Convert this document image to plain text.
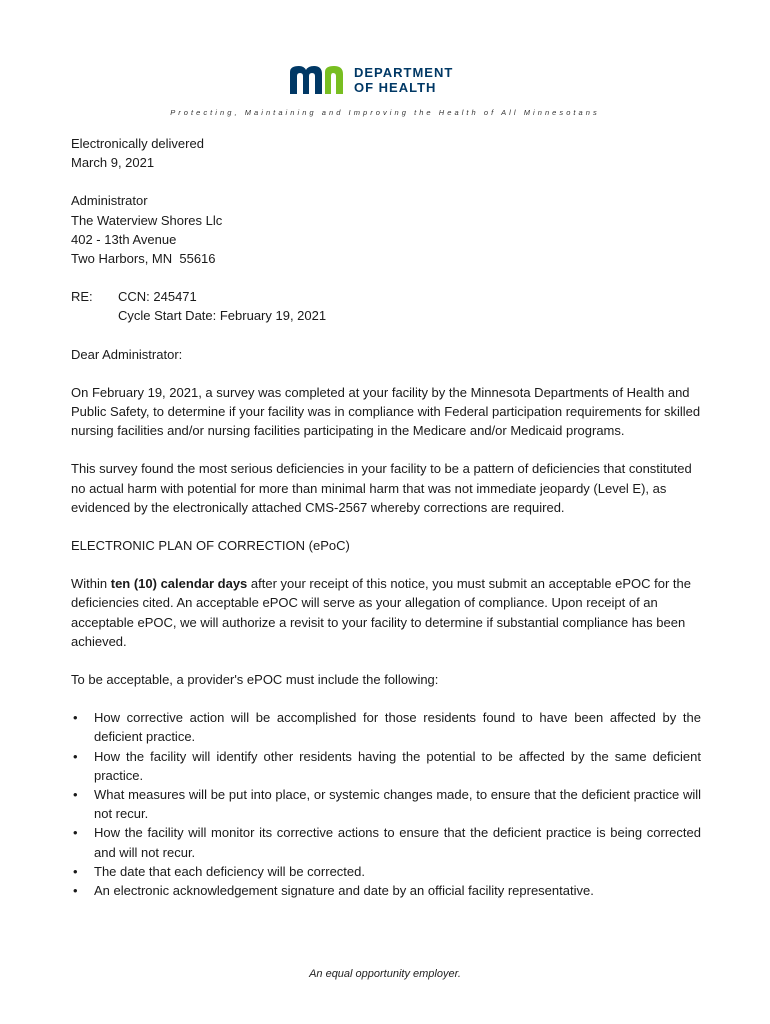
DEPARTMENT
OF HEALTH
Protecting, Maintaining and Improving the Health of All Minnesotans

Electronically delivered

March 9, 2021

Administrator

The Waterview Shores Llc

402 - 13th Avenue

Two Harbors, MN  55616

RE:	CCN: 245471

Cycle Start Date: February 19, 2021

Dear Administrator:

On February 19, 2021, a survey was completed at your facility by the Minnesota Departments of Health and Public Safety, to determine if your facility was in compliance with Federal participation requirements for skilled nursing facilities and/or nursing facilities participating in the Medicare and/or Medicaid programs.

This survey found the most serious deficiencies in your facility to be a pattern of deficiencies that constituted no actual harm with potential for more than minimal harm that was not immediate jeopardy (Level E), as evidenced by the electronically attached CMS-2567 whereby corrections are required.

ELECTRONIC PLAN OF CORRECTION (ePoC)

Within ten (10) calendar days after your receipt of this notice, you must submit an acceptable ePOC for the deficiencies cited. An acceptable ePOC will serve as your allegation of compliance. Upon receipt of an acceptable ePOC, we will authorize a revisit to your facility to determine if substantial compliance has been achieved.

To be acceptable, a provider's ePOC must include the following:

• How corrective action will be accomplished for those residents found to have been affected by the deficient practice.
• How the facility will identify other residents having the potential to be affected by the same deficient practice.
• What measures will be put into place, or systemic changes made, to ensure that the deficient practice will not recur.
• How the facility will monitor its corrective actions to ensure that the deficient practice is being corrected and will not recur.
• The date that each deficiency will be corrected.
• An electronic acknowledgement signature and date by an official facility representative.
An equal opportunity employer.
